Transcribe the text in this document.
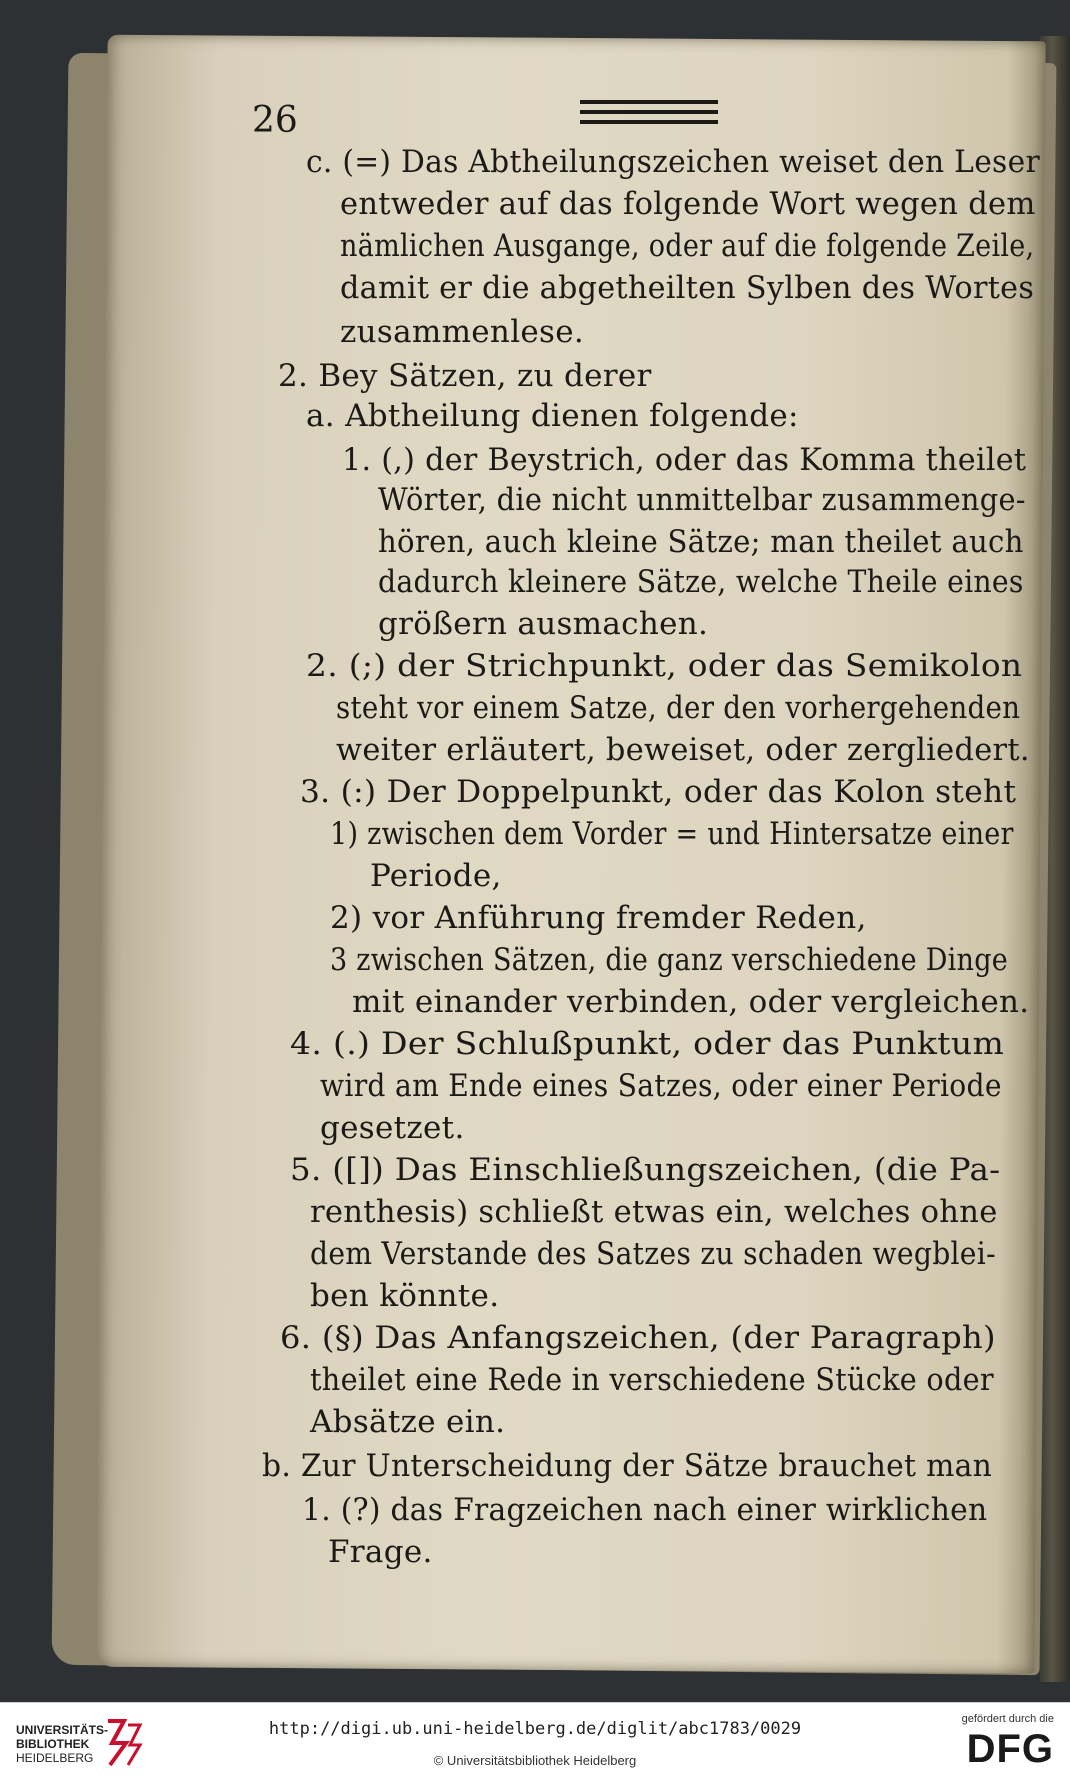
26
c. (=) Das Abtheilungszeichen weiset den Leser
entweder auf das folgende Wort wegen dem
nämlichen Ausgange, oder auf die folgende Zeile,
damit er die abgetheilten Sylben des Wortes
zusammenlese.
2. Bey Sätzen, zu derer
a. Abtheilung dienen folgende:
1. (,) der Beystrich, oder das Komma theilet
Wörter, die nicht unmittelbar zusammenge-
hören, auch kleine Sätze; man theilet auch
dadurch kleinere Sätze, welche Theile eines
größern ausmachen.
2. (;) der Strichpunkt, oder das Semikolon
steht vor einem Satze, der den vorhergehenden
weiter erläutert, beweiset, oder zergliedert.
3. (:) Der Doppelpunkt, oder das Kolon steht
1) zwischen dem Vorder = und Hintersatze einer
Periode,
2) vor Anführung fremder Reden,
3 zwischen Sätzen, die ganz verschiedene Dinge
mit einander verbinden, oder vergleichen.
4. (.) Der Schlußpunkt, oder das Punktum
wird am Ende eines Satzes, oder einer Periode
gesetzet.
5. ([]) Das Einschließungszeichen, (die Pa-
renthesis) schließt etwas ein, welches ohne
dem Verstande des Satzes zu schaden wegblei-
ben könnte.
6. (§) Das Anfangszeichen, (der Paragraph)
theilet eine Rede in verschiedene Stücke oder
Absätze ein.
b. Zur Unterscheidung der Sätze brauchet man
1. (?) das Fragzeichen nach einer wirklichen
Frage.
UNIVERSITÄTS-
BIBLIOTHEK
HEIDELBERG
http://digi.ub.uni-heidelberg.de/diglit/abc1783/0029
© Universitätsbibliothek Heidelberg
gefördert durch die
DFG
